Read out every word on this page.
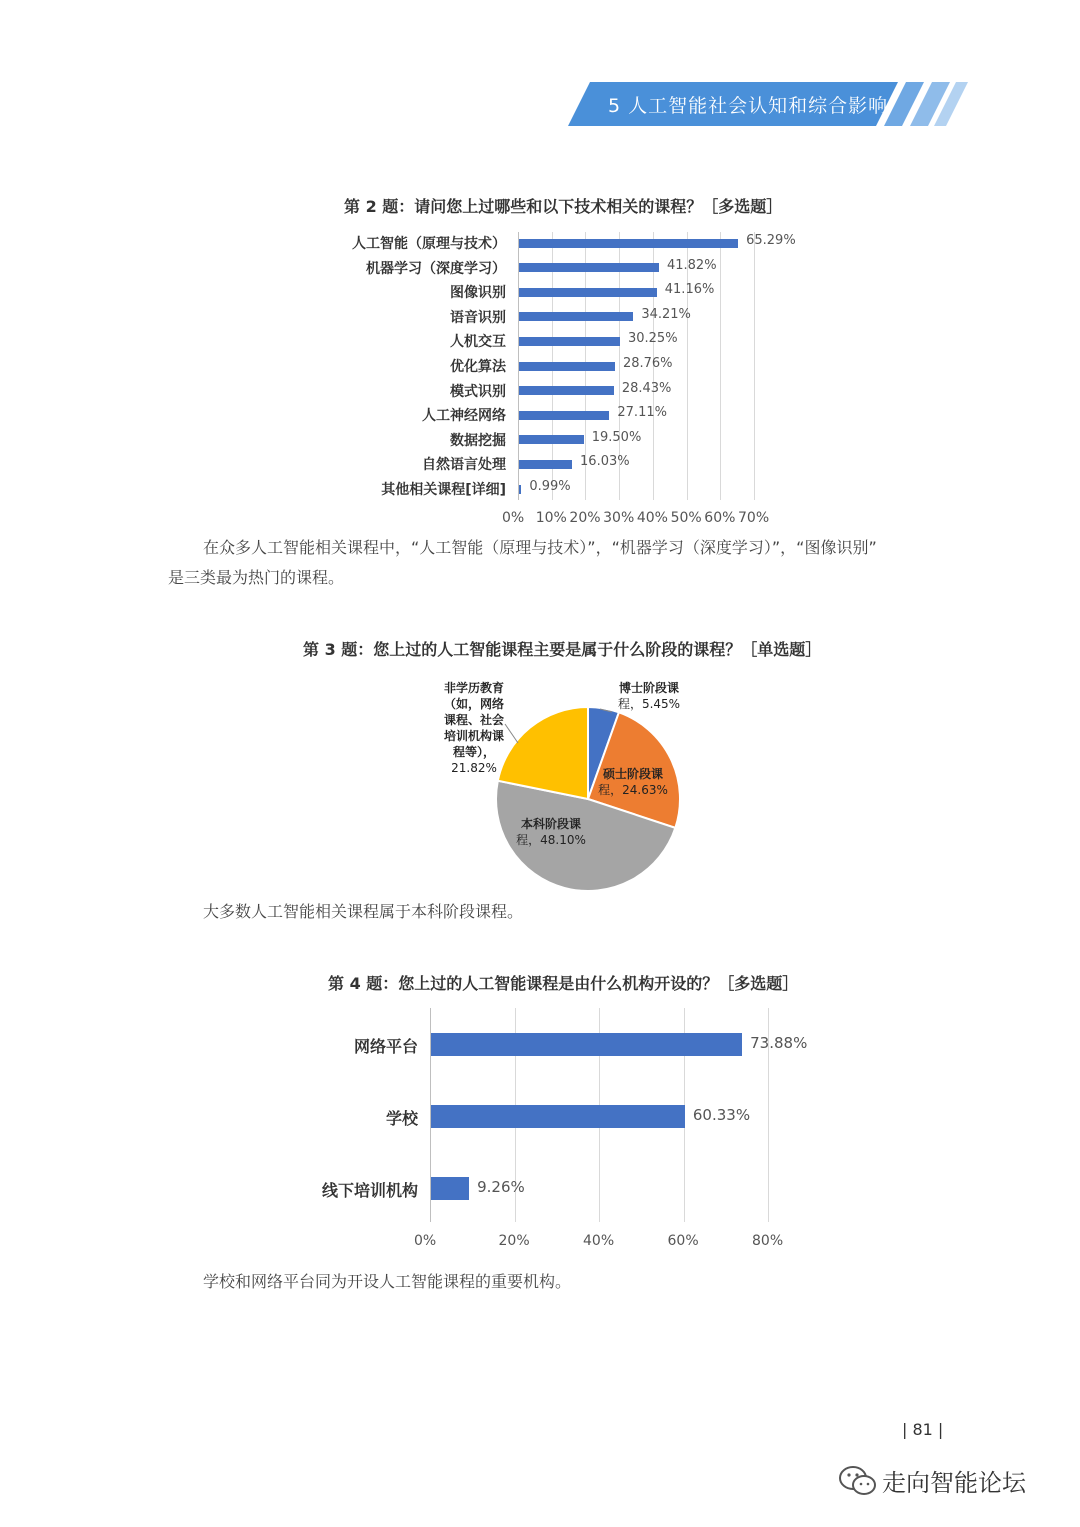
5 人工智能社会认知和综合影响
第 2 题：请问您上过哪些和以下技术相关的课程？［多选题］
0% 10% 20% 30% 40% 50% 60% 70%
人工智能（原理与技术）	65.29%
机器学习（深度学习）	41.82%
图像识别	41.16%
语音识别	34.21%
人机交互	30.25%
优化算法	28.76%
模式识别	28.43%
人工神经网络	27.11%
数据挖掘	19.50%
自然语言处理	16.03%
其他相关课程[详细] 0.99%
在众多人工智能相关课程中，“人工智能（原理与技术）”，“机器学习（深度学习）”，“图像识别”
是三类最为热门的课程。
第 3 题：您上过的人工智能课程主要是属于什么阶段的课程？［单选题］
博士阶段课
程，5.45%
硕士阶段课
程，24.63%
本科阶段课
程，48.10%
非学历教育
（如，网络
课程、社会
培训机构课
程等），
21.82%
大多数人工智能相关课程属于本科阶段课程。
第 4 题：您上过的人工智能课程是由什么机构开设的？［多选题］
0%	20%	40%	60%	80%
网络平台	73.88%
学校	60.33%
线下培训机构	9.26%
学校和网络平台同为开设人工智能课程的重要机构。
| 81 |
走向智能论坛
